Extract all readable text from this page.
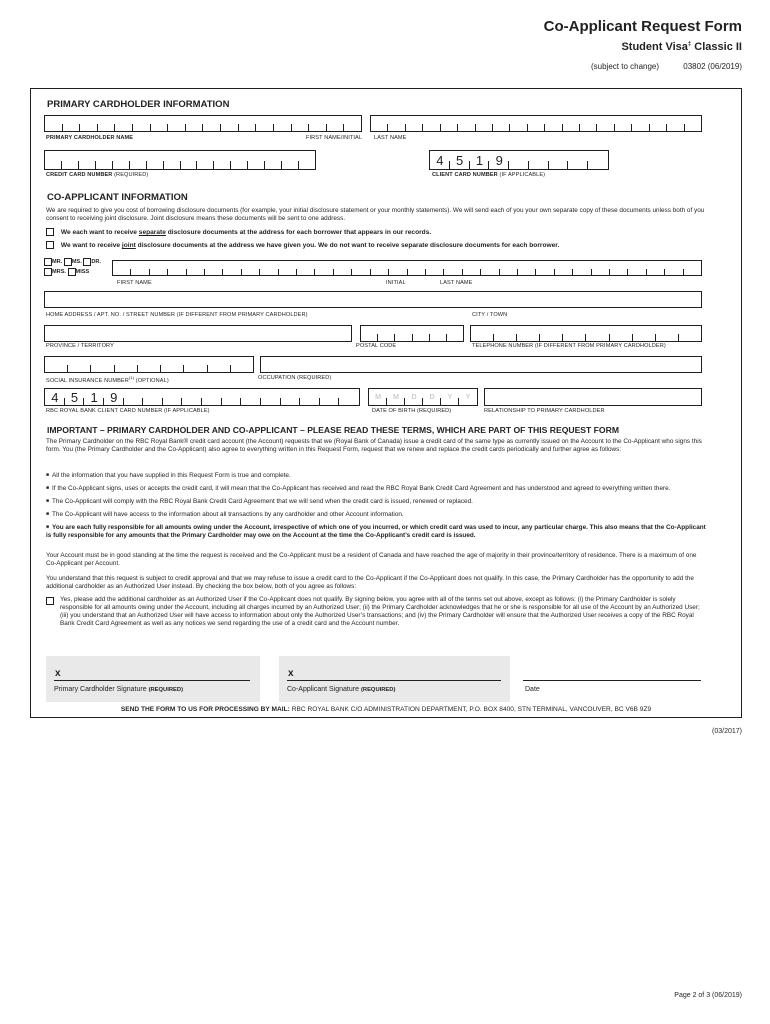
Co-Applicant Request Form
Student Visa‡ Classic II
(subject to change)	03802 (06/2019)
PRIMARY CARDHOLDER INFORMATION
PRIMARY CARDHOLDER NAME	FIRST NAME/INITIAL LAST NAME
4 5 1 9
CREDIT CARD NUMBER (REQUIRED)	CLIENT CARD NUMBER (IF APPLICABLE)
CO-APPLICANT INFORMATION
We are required to give you cost of borrowing disclosure documents (for example, your initial disclosure statement or your monthly statements). We will send each of you your own separate copy of these documents unless both of you consent to receiving joint disclosure. Joint disclosure means these documents will be sent to one address.
We each want to receive separate disclosure documents at the address for each borrower that appears in our records.
We want to receive joint disclosure documents at the address we have given you. We do not want to receive separate disclosure documents for each borrower.
MR. MS. DR.
MRS. MISS
FIRST NAME	INITIAL	LAST NAME
HOME ADDRESS / APT. NO. / STREET NUMBER (IF DIFFERENT FROM PRIMARY CARDHOLDER)	CITY / TOWN
PROVINCE / TERRITORY	POSTAL CODE	TELEPHONE NUMBER (IF DIFFERENT FROM PRIMARY CARDHOLDER)
SOCIAL INSURANCE NUMBER$^{(1)}$ (OPTIONAL)	OCCUPATION (REQUIRED)
4 5 1 9	M M D D Y Y
RBC ROYAL BANK CLIENT CARD NUMBER (IF APPLICABLE)	DATE OF BIRTH (REQUIRED)	RELATIONSHIP TO PRIMARY CARDHOLDER
IMPORTANT – PRIMARY CARDHOLDER AND CO-APPLICANT – PLEASE READ THESE TERMS, WHICH ARE PART OF THIS REQUEST FORM
The Primary Cardholder on the RBC Royal Bank® credit card account (the Account) requests that we (Royal Bank of Canada) issue a credit card of the same type as currently issued on the Account to the Co-Applicant who signs this form. You (the Primary Cardholder and the Co-Applicant) also agree to everything written in this Request Form, request that we renew and replace the credit cards periodically and further agree as follows:
■ All the information that you have supplied in this Request Form is true and complete.
■ If the Co-Applicant signs, uses or accepts the credit card, it will mean that the Co-Applicant has received and read the RBC Royal Bank Credit Card Agreement and has understood and agreed to everything written there.
■ The Co-Applicant will comply with the RBC Royal Bank Credit Card Agreement that we will send when the credit card is issued, renewed or replaced.
■ The Co-Applicant will have access to the information about all transactions by any cardholder and other Account information.
■ You are each fully responsible for all amounts owing under the Account, irrespective of which one of you incurred, or which credit card was used to incur, any particular charge. This also means that the Co-Applicant is fully responsible for any amounts that the Primary Cardholder may owe on the Account at the time the Co-Applicant’s credit card is issued.
Your Account must be in good standing at the time the request is received and the Co-Applicant must be a resident of Canada and have reached the age of majority in their province/territory of residence. There is a maximum of one Co-Applicant per Account.
You understand that this request is subject to credit approval and that we may refuse to issue a credit card to the Co-Applicant if the Co-Applicant does not qualify. In this case, the Primary Cardholder has the opportunity to add the additional cardholder as an Authorized User instead. By checking the box below, both of you agree as follows:
Yes, please add the additional cardholder as an Authorized User if the Co-Applicant does not qualify. By signing below, you agree with all of the terms set out above, except as follows: (i) the Primary Cardholder is solely responsible for all amounts owing under the Account, including all charges incurred by an Authorized User; (ii) the Primary Cardholder acknowledges that he or she is responsible for all use of the Account by an Authorized User; (iii) you understand that an Authorized User will have access to information about only the Authorized User’s transactions; and (iv) the Primary Cardholder will ensure that the Authorized User receives a copy of the RBC Royal Bank Credit Card Agreement as well as any notices we send regarding the use of a credit card and the Account number.
x
Primary Cardholder Signature (REQUIRED)
x
Co-Applicant Signature (REQUIRED)	Date
SEND THE FORM TO US FOR PROCESSING BY MAIL: RBC ROYAL BANK C/O ADMINISTRATION DEPARTMENT, P.O. BOX 8400, STN TERMINAL, VANCOUVER, BC V6B 9Z9
(03/2017)
Page 2 of 3 (06/2019)
